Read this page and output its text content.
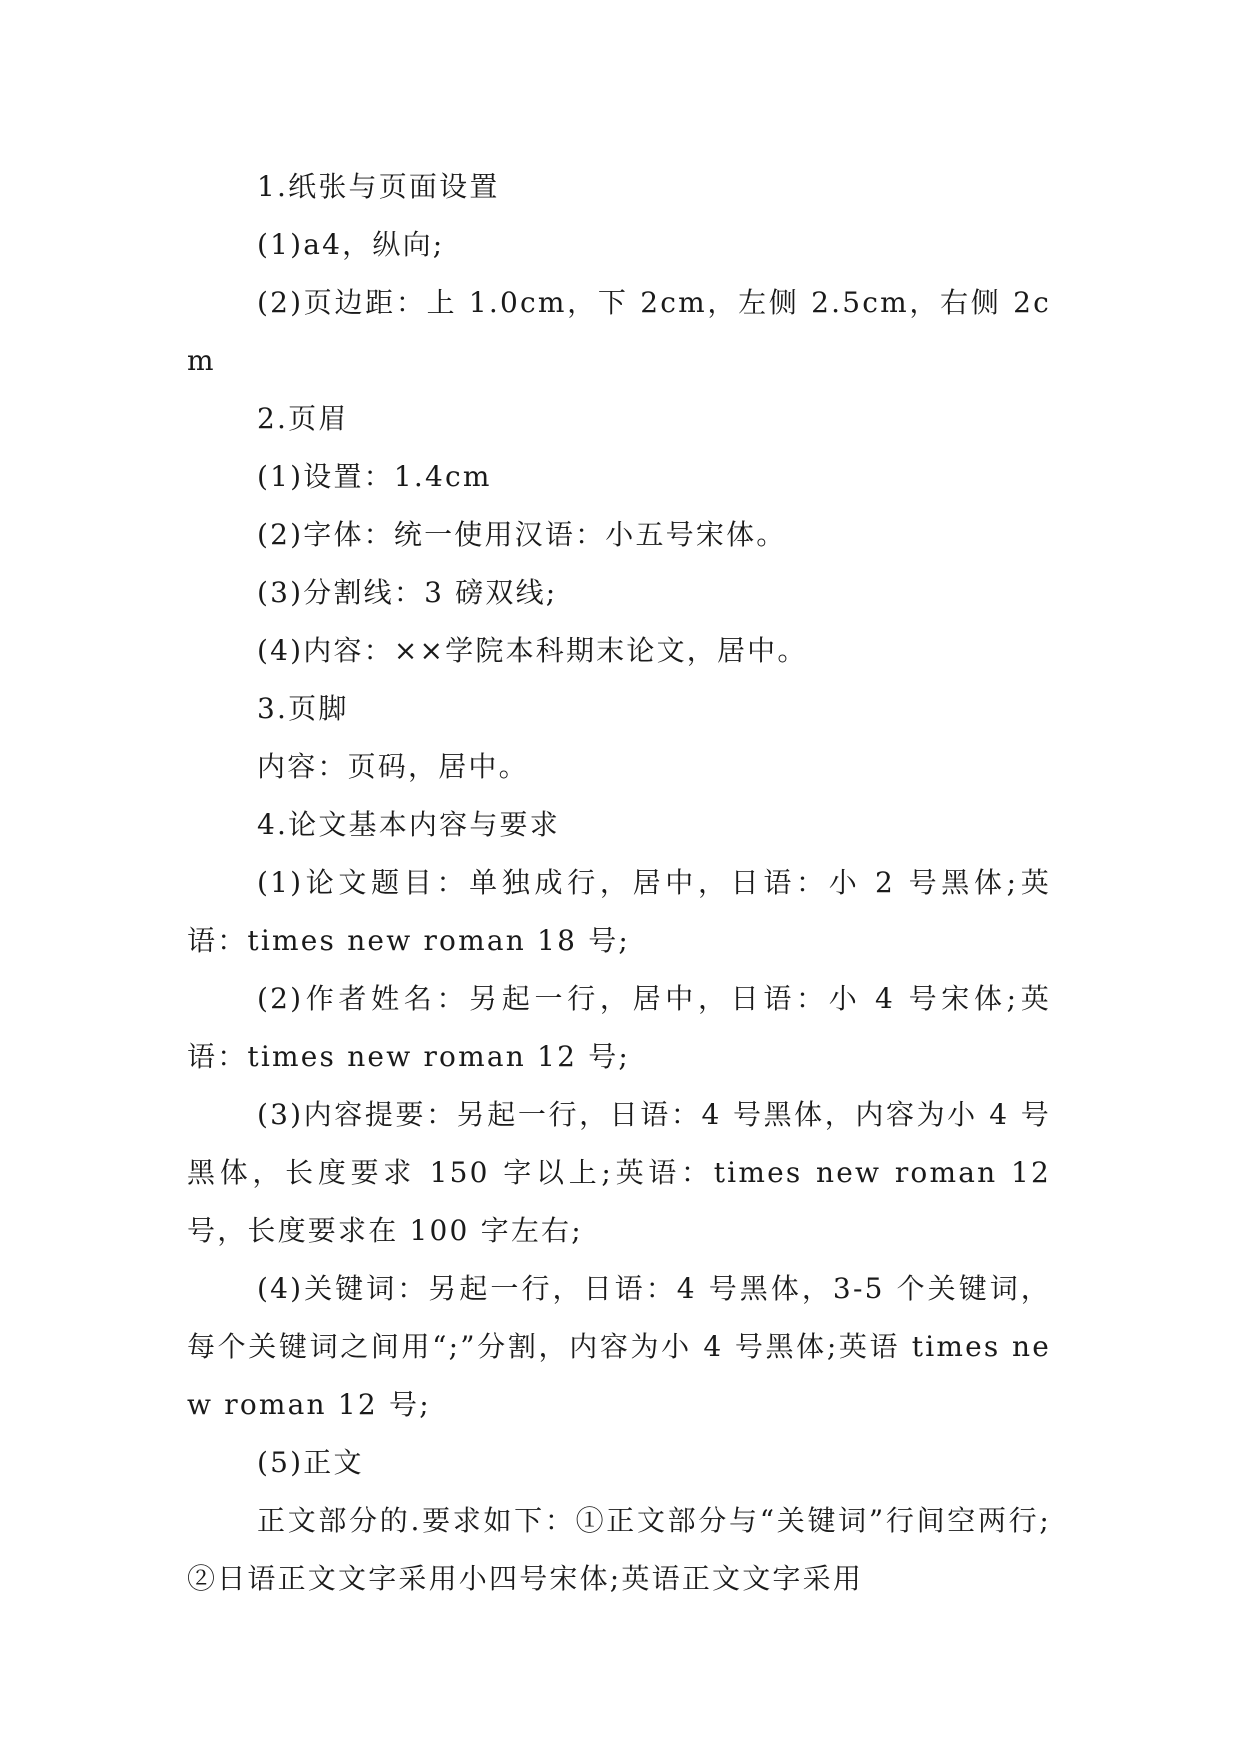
1.纸张与页面设置

(1)a4，纵向;

(2)页边距：上 1.0cm，下 2cm，左侧 2.5cm，右侧 2cm

2.页眉

(1)设置：1.4cm

(2)字体：统一使用汉语：小五号宋体。

(3)分割线：3 磅双线;

(4)内容：××学院本科期末论文，居中。

3.页脚

内容：页码，居中。

4.论文基本内容与要求

(1)论文题目：单独成行，居中，日语：小 2 号黑体;英语：times new roman 18 号;

(2)作者姓名：另起一行，居中，日语：小 4 号宋体;英语：times new roman 12 号;

(3)内容提要：另起一行，日语：4 号黑体，内容为小 4 号黑体，长度要求 150 字以上;英语：times new roman 12 号，长度要求在 100 字左右;

(4)关键词：另起一行，日语：4 号黑体，3-5 个关键词，每个关键词之间用“;”分割，内容为小 4 号黑体;英语 times new roman 12 号;

(5)正文

正文部分的.要求如下：①正文部分与“关键词”行间空两行;②日语正文文字采用小四号宋体;英语正文文字采用
